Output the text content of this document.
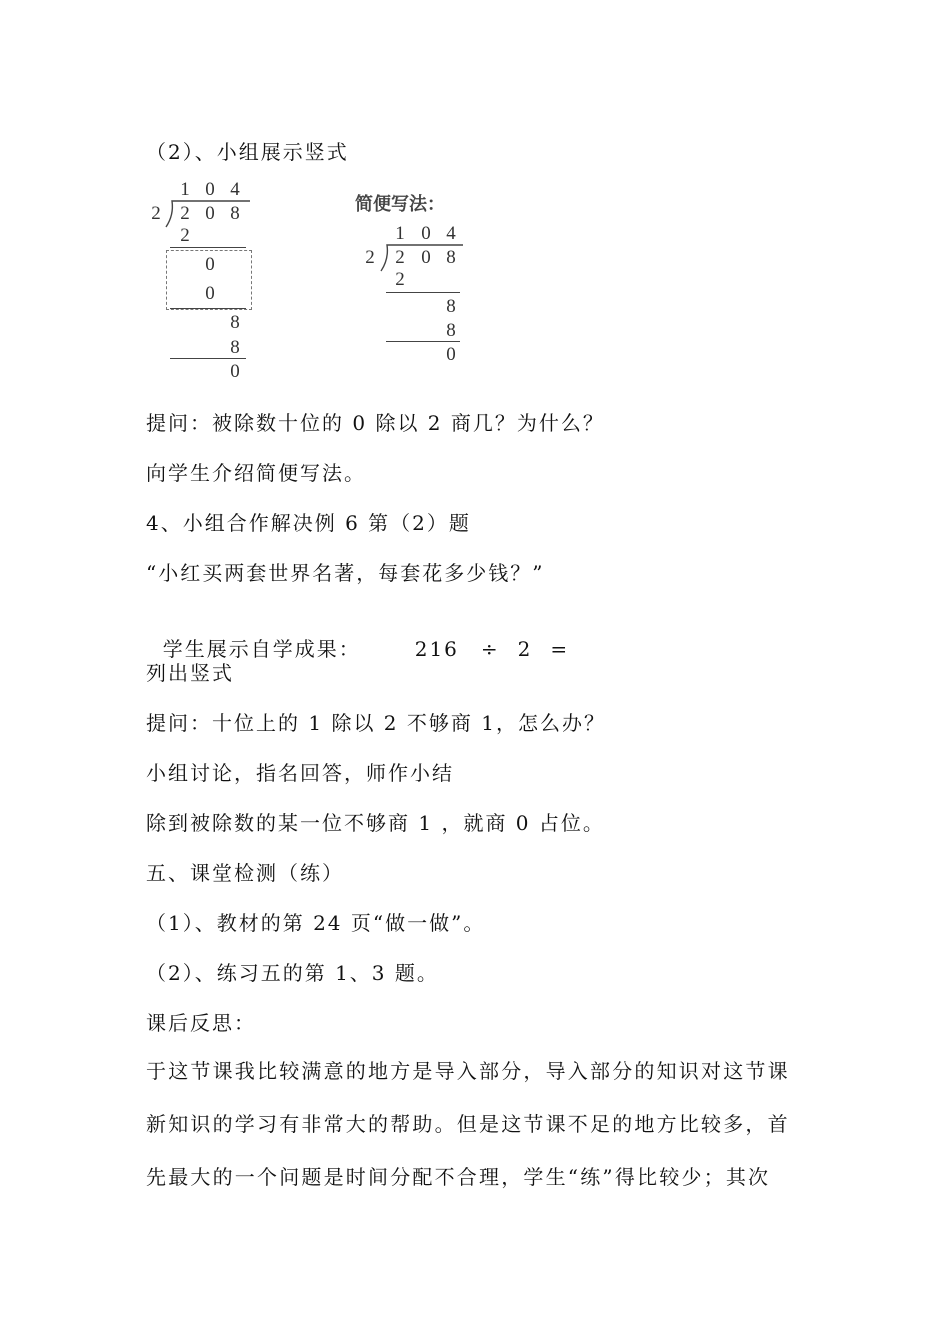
（2）、小组展示竖式
1 0 4
2 2 0 8
2
0
0
8
8
0
简便写法：
1 0 4
2 2 0 8
2
8
8
0
提问：被除数十位的 0 除以 2 商几？为什么？
向学生介绍简便写法。
4、小组合作解决例 6 第（2）题
“小红买两套世界名著，每套花多少钱？”

学生展示自学成果：	216 ÷ 2 =

列出竖式
提问：十位上的 1 除以 2 不够商 1，怎么办？
小组讨论，指名回答，师作小结
除到被除数的某一位不够商 1 ，就商 0 占位。
五、课堂检测（练）
（1）、教材的第 24 页“做一做”。
（2）、练习五的第 1、3 题。
课后反思：
于这节课我比较满意的地方是导入部分，导入部分的知识对这节课
新知识的学习有非常大的帮助。但是这节课不足的地方比较多，首
先最大的一个问题是时间分配不合理，学生“练”得比较少；其次
